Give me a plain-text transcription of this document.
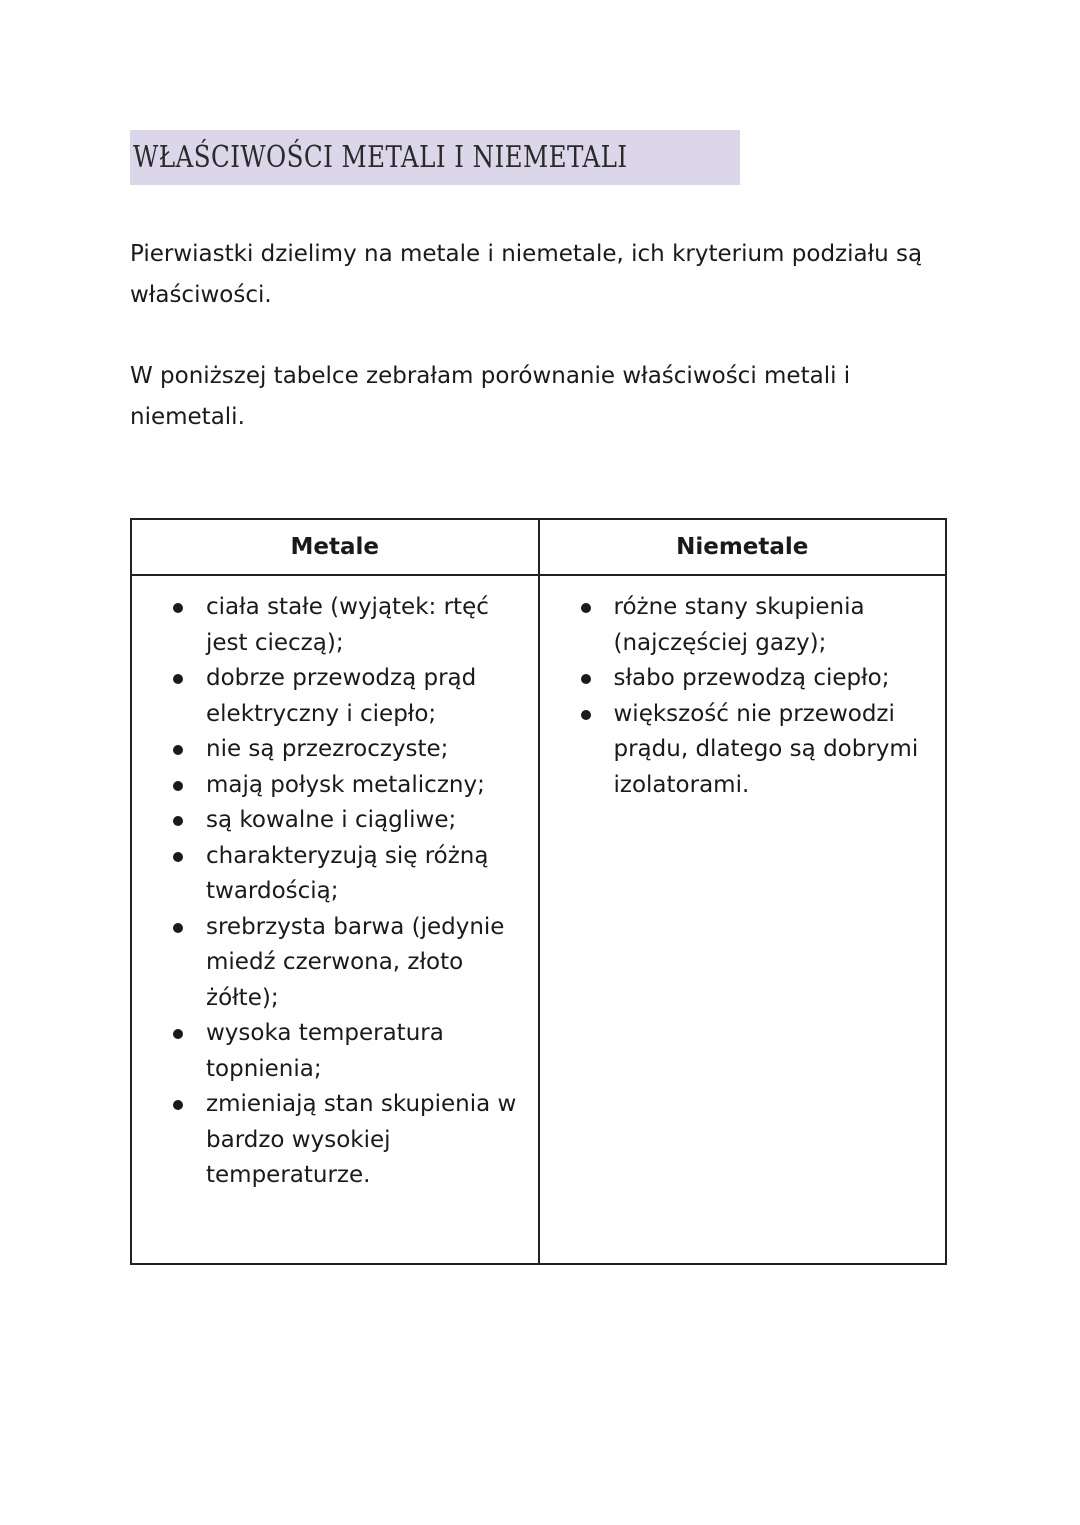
WŁAŚCIWOŚCI METALI I NIEMETALI

Pierwiastki dzielimy na metale i niemetale, ich kryterium podziału są właściwości.

W poniższej tabelce zebrałam porównanie właściwości metali i niemetali.

Metale
ciała stałe (wyjątek: rtęć jest cieczą);
dobrze przewodzą prąd elektryczny i ciepło;
nie są przezroczyste;
mają połysk metaliczny;
są kowalne i ciągliwe;
charakteryzują się różną twardością;
srebrzysta barwa (jedynie miedź czerwona, złoto żółte);
wysoka temperatura topnienia;
zmieniają stan skupienia w bardzo wysokiej temperaturze.
Niemetale
różne stany skupienia (najczęściej gazy);
słabo przewodzą ciepło;
większość nie przewodzi prądu, dlatego są dobrymi izolatorami.
